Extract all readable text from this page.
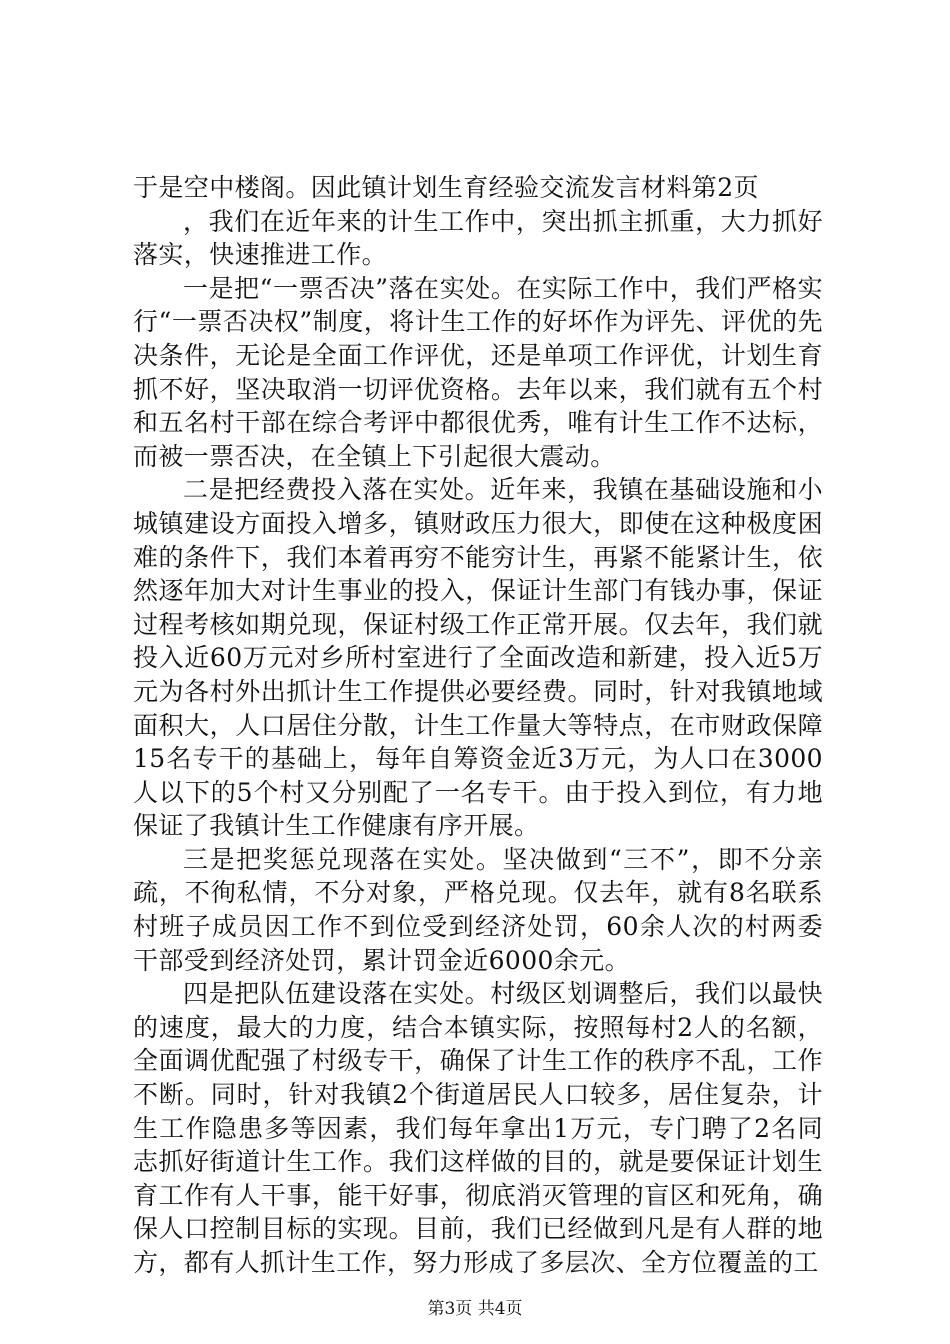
于是空中楼阁。因此镇计划生育经验交流发言材料第2页

，我们在近年来的计生工作中，突出抓主抓重，大力抓好落实，快速推进工作。

一是把“一票否决”落在实处。在实际工作中，我们严格实行“一票否决权”制度，将计生工作的好坏作为评先、评优的先决条件，无论是全面工作评优，还是单项工作评优，计划生育抓不好，坚决取消一切评优资格。去年以来，我们就有五个村和五名村干部在综合考评中都很优秀，唯有计生工作不达标，而被一票否决，在全镇上下引起很大震动。

二是把经费投入落在实处。近年来，我镇在基础设施和小城镇建设方面投入增多，镇财政压力很大，即使在这种极度困难的条件下，我们本着再穷不能穷计生，再紧不能紧计生，依然逐年加大对计生事业的投入，保证计生部门有钱办事，保证过程考核如期兑现，保证村级工作正常开展。仅去年，我们就投入近60万元对乡所村室进行了全面改造和新建，投入近5万元为各村外出抓计生工作提供必要经费。同时，针对我镇地域面积大，人口居住分散，计生工作量大等特点，在市财政保障15名专干的基础上，每年自筹资金近3万元，为人口在3000人以下的5个村又分别配了一名专干。由于投入到位，有力地保证了我镇计生工作健康有序开展。

三是把奖惩兑现落在实处。坚决做到“三不”，即不分亲疏，不徇私情，不分对象，严格兑现。仅去年，就有8名联系村班子成员因工作不到位受到经济处罚，60余人次的村两委干部受到经济处罚，累计罚金近6000余元。

四是把队伍建设落在实处。村级区划调整后，我们以最快的速度，最大的力度，结合本镇实际，按照每村2人的名额，全面调优配强了村级专干，确保了计生工作的秩序不乱，工作不断。同时，针对我镇2个街道居民人口较多，居住复杂，计生工作隐患多等因素，我们每年拿出1万元，专门聘了2名同志抓好街道计生工作。我们这样做的目的，就是要保证计划生育工作有人干事，能干好事，彻底消灭管理的盲区和死角，确保人口控制目标的实现。目前，我们已经做到凡是有人群的地方，都有人抓计生工作，努力形成了多层次、全方位覆盖的工

第3页 共4页
